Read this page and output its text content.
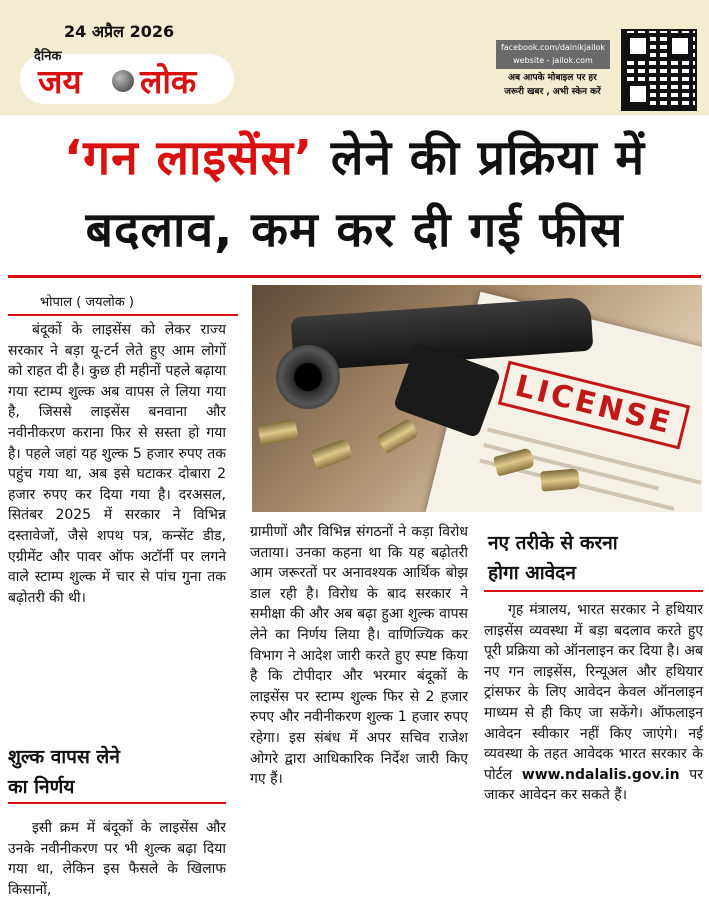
24 अप्रैल 2026
जय लोक
दैनिक
facebook.com/dainikjailok
website - jailok.com
अब आपके मोबाइल पर हर
जरूरी खबर , अभी स्केन करें
‘गन लाइसेंस’ लेने की प्रक्रिया में
बदलाव, कम कर दी गई फीस
भोपाल ( जयलोक )

बंदूकों के लाइसेंस को लेकर राज्य सरकार ने बड़ा यू-टर्न लेते हुए आम लोगों को राहत दी है। कुछ ही महीनों पहले बढ़ाया गया स्टाम्प शुल्क अब वापस ले लिया गया है, जिससे लाइसेंस बनवाना और नवीनीकरण कराना फिर से सस्ता हो गया है। पहले जहां यह शुल्क 5 हजार रुपए तक पहुंच गया था, अब इसे घटाकर दोबारा 2 हजार रुपए कर दिया गया है। दरअसल, सितंबर 2025 में सरकार ने विभिन्न दस्तावेजों, जैसे शपथ पत्र, कन्सेंट डीड, एग्रीमेंट और पावर ऑफ अटॉर्नी पर लगने वाले स्टाम्प शुल्क में चार से पांच गुना तक बढ़ोतरी की थी।

शुल्क वापस लेने
का निर्णय

इसी क्रम में बंदूकों के लाइसेंस और उनके नवीनीकरण पर भी शुल्क बढ़ा दिया गया था, लेकिन इस फैसले के खिलाफ किसानों,

LICENSE

ग्रामीणों और विभिन्न संगठनों ने कड़ा विरोध जताया। उनका कहना था कि यह बढ़ोतरी आम जरूरतों पर अनावश्यक आर्थिक बोझ डाल रही है। विरोध के बाद सरकार ने समीक्षा की और अब बढ़ा हुआ शुल्क वापस लेने का निर्णय लिया है। वाणिज्यिक कर विभाग ने आदेश जारी करते हुए स्पष्ट किया है कि टोपीदार और भरमार बंदूकों के लाइसेंस पर स्टाम्प शुल्क फिर से 2 हजार रुपए और नवीनीकरण शुल्क 1 हजार रुपए रहेगा। इस संबंध में अपर सचिव राजेश ओगरे द्वारा आधिकारिक निर्देश जारी किए गए हैं।

नए तरीके से करना
होगा आवेदन

गृह मंत्रालय, भारत सरकार ने हथियार लाइसेंस व्यवस्था में बड़ा बदलाव करते हुए पूरी प्रक्रिया को ऑनलाइन कर दिया है। अब नए गन लाइसेंस, रिन्यूअल और हथियार ट्रांसफर के लिए आवेदन केवल ऑनलाइन माध्यम से ही किए जा सकेंगे। ऑफलाइन आवेदन स्वीकार नहीं किए जाएंगे। नई व्यवस्था के तहत आवेदक भारत सरकार के पोर्टल www.ndalalis.gov.in पर जाकर आवेदन कर सकते हैं।
